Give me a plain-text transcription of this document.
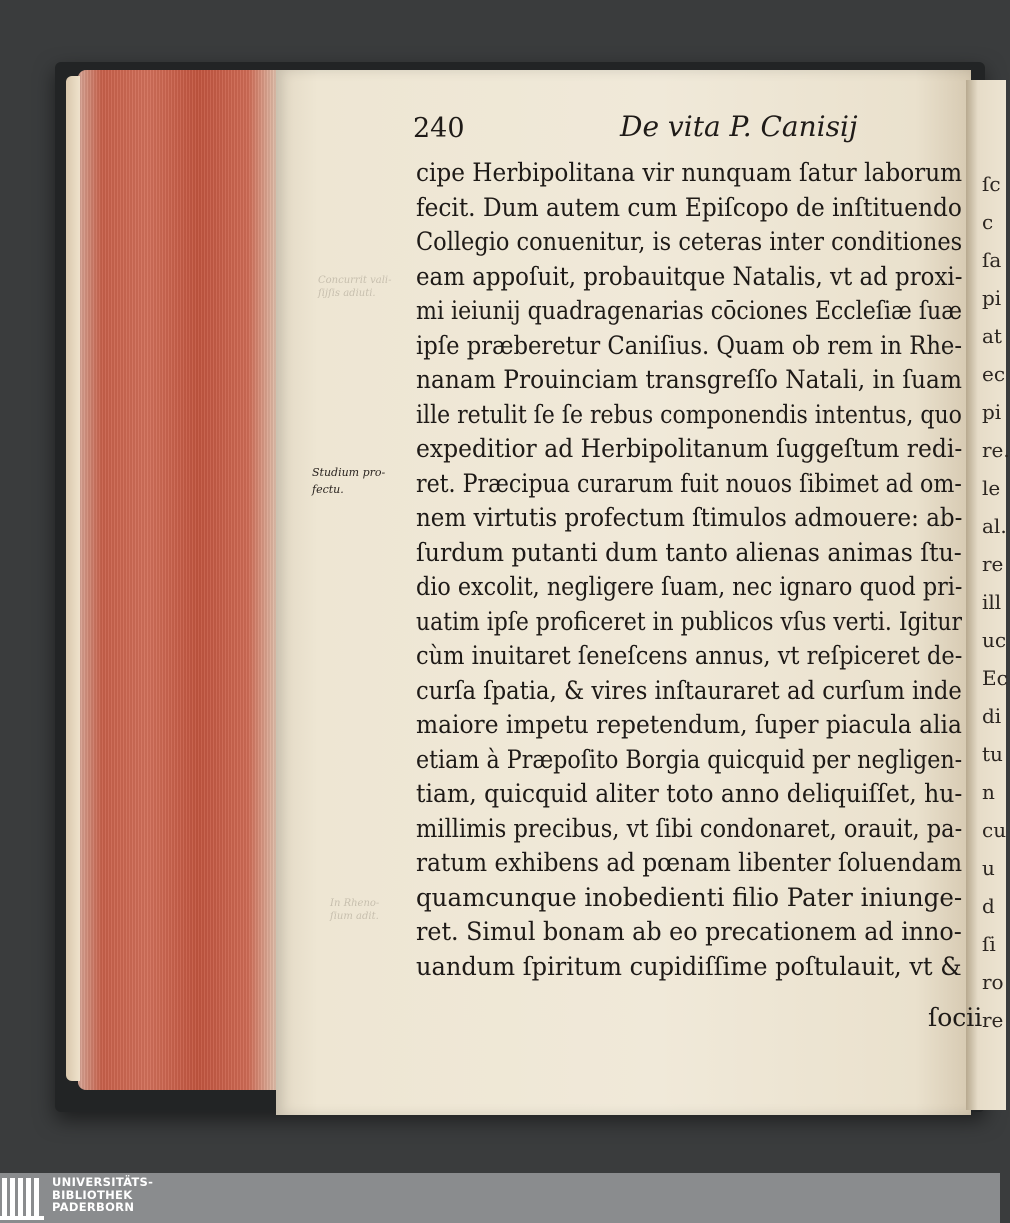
ſc
c
ſa
pi
at
ec
pi
re.
le
al.
re
ill
uc
Ec
di
tu
n
cu
u
d
ſi
ro
re
Concurrit vali-
ſijſis adiuti.
In Rheno-
ſium adit.
240	De vita P. Canisij
Studium pro-
fectu.
ſocii
UNIVERSITÄTS-
BIBLIOTHEK
PADERBORN
cipe Herbipolitana vir nunquam ſatur laborum
fecit. Dum autem cum Epiſcopo de inſtituendo
Collegio conuenitur, is ceteras inter conditiones
eam appoſuit, probauitque Natalis, vt ad proxi-
mi ieiunij quadragenarias cōciones Eccleſiæ ſuæ
ipſe præberetur Caniſius. Quam ob rem in Rhe-
nanam Prouinciam transgreſſo Natali, in ſuam
ille retulit ſe ſe rebus componendis intentus, quo
expeditior ad Herbipolitanum ſuggeſtum redi-
ret. Præcipua curarum fuit nouos ſibimet ad om-
nem virtutis profectum ſtimulos admouere: ab-
ſurdum putanti dum tanto alienas animas ſtu-
dio excolit, negligere ſuam, nec ignaro quod pri-
uatim ipſe proficeret in publicos vſus verti. Igitur
cùm inuitaret ſeneſcens annus, vt reſpiceret de-
curſa ſpatia, & vires inſtauraret ad curſum inde
maiore impetu repetendum, ſuper piacula alia
etiam à Præpoſito Borgia quicquid per negligen-
tiam, quicquid aliter toto anno deliquiſſet, hu-
millimis precibus, vt ſibi condonaret, orauit, pa-
ratum exhibens ad pœnam libenter ſoluendam
quamcunque inobedienti filio Pater iniunge-
ret. Simul bonam ab eo precationem ad inno-
uandum ſpiritum cupidiſſime poſtulauit, vt &
